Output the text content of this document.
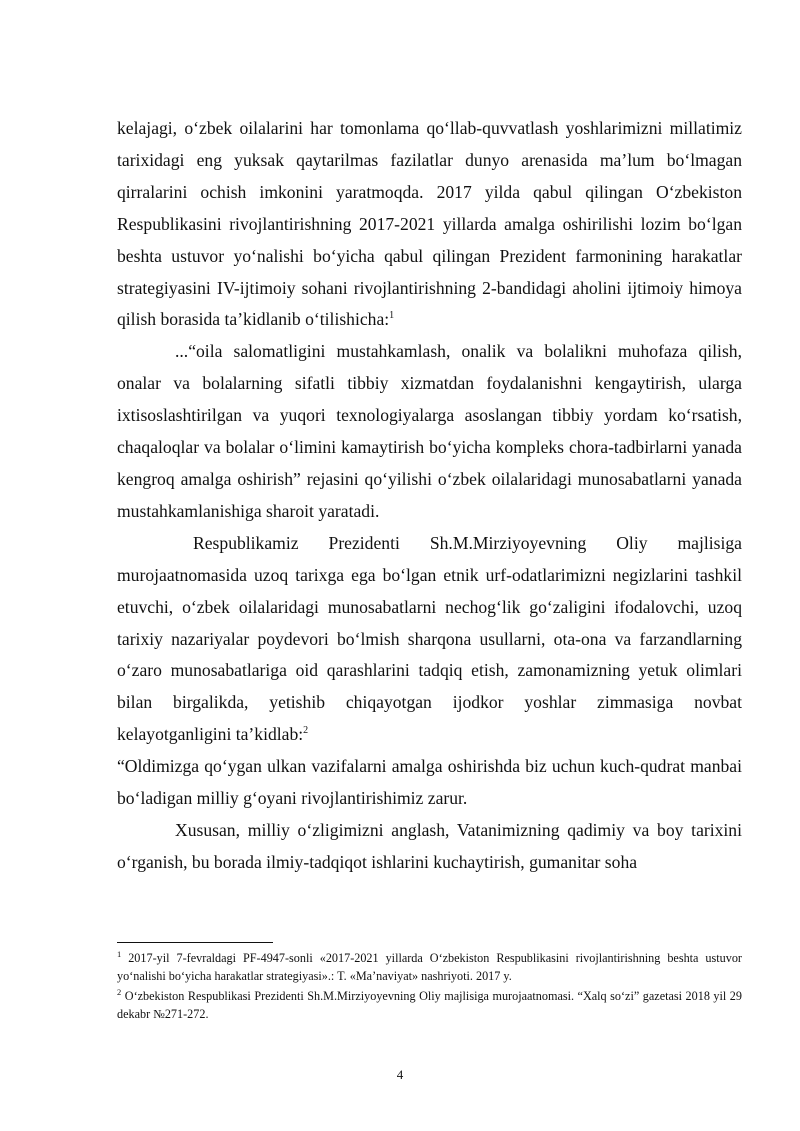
kelajagi, o‘zbek oilalarini har tomonlama qo‘llab-quvvatlash yoshlarimizni millatimiz tarixidagi eng yuksak qaytarilmas fazilatlar dunyo arenasida ma’lum bo‘lmagan qirralarini ochish imkonini yaratmoqda. 2017 yilda qabul qilingan O‘zbekiston Respublikasini rivojlantirishning 2017-2021 yillarda amalga oshirilishi lozim bo‘lgan beshta ustuvor yo‘nalishi bo‘yicha qabul qilingan Prezident farmonining harakatlar strategiyasini IV-ijtimoiy sohani rivojlantirishning 2-bandidagi aholini ijtimoiy himoya qilish borasida ta’kidlanib o‘tilishicha:$^1$

...“oila salomatligini mustahkamlash, onalik va bolalikni muhofaza qilish, onalar va bolalarning sifatli tibbiy xizmatdan foydalanishni kengaytirish, ularga ixtisoslashtirilgan va yuqori texnologiyalarga asoslangan tibbiy yordam ko‘rsatish, chaqaloqlar va bolalar o‘limini kamaytirish bo‘yicha kompleks chora-tadbirlarni yanada kengroq amalga oshirish” rejasini qo‘yilishi o‘zbek oilalaridagi munosabatlarni yanada mustahkamlanishiga sharoit yaratadi.

Respublikamiz Prezidenti Sh.M.Mirziyoyevning Oliy majlisiga murojaatnomasida uzoq tarixga ega bo‘lgan etnik urf-odatlarimizni negizlarini tashkil etuvchi, o‘zbek oilalaridagi munosabatlarni nechog‘lik go‘zaligini ifodalovchi, uzoq tarixiy nazariyalar poydevori bo‘lmish sharqona usullarni, ota-ona va farzandlarning o‘zaro munosabatlariga oid qarashlarini tadqiq etish, zamonamizning yetuk olimlari bilan birgalikda, yetishib chiqayotgan ijodkor yoshlar zimmasiga novbat kelayotganligini ta’kidlab:$^2$

“Oldimizga qo‘ygan ulkan vazifalarni amalga oshirishda biz uchun kuch-qudrat manbai bo‘ladigan milliy g‘oyani rivojlantirishimiz zarur.

Xususan, milliy o‘zligimizni anglash, Vatanimizning qadimiy va boy tarixini o‘rganish, bu borada ilmiy-tadqiqot ishlarini kuchaytirish, gumanitar soha

$^1$ 2017-yil 7-fevraldagi PF-4947-sonli «2017-2021 yillarda O‘zbekiston Respublikasini rivojlantirishning beshta ustuvor yo‘nalishi bo‘yicha harakatlar strategiyasi».: T. «Ma’naviyat» nashriyoti. 2017 y.

$^2$ O‘zbekiston Respublikasi Prezidenti Sh.M.Mirziyoyevning Oliy majlisiga murojaatnomasi. “Xalq so‘zi” gazetasi 2018 yil 29 dekabr №271-272.

4
